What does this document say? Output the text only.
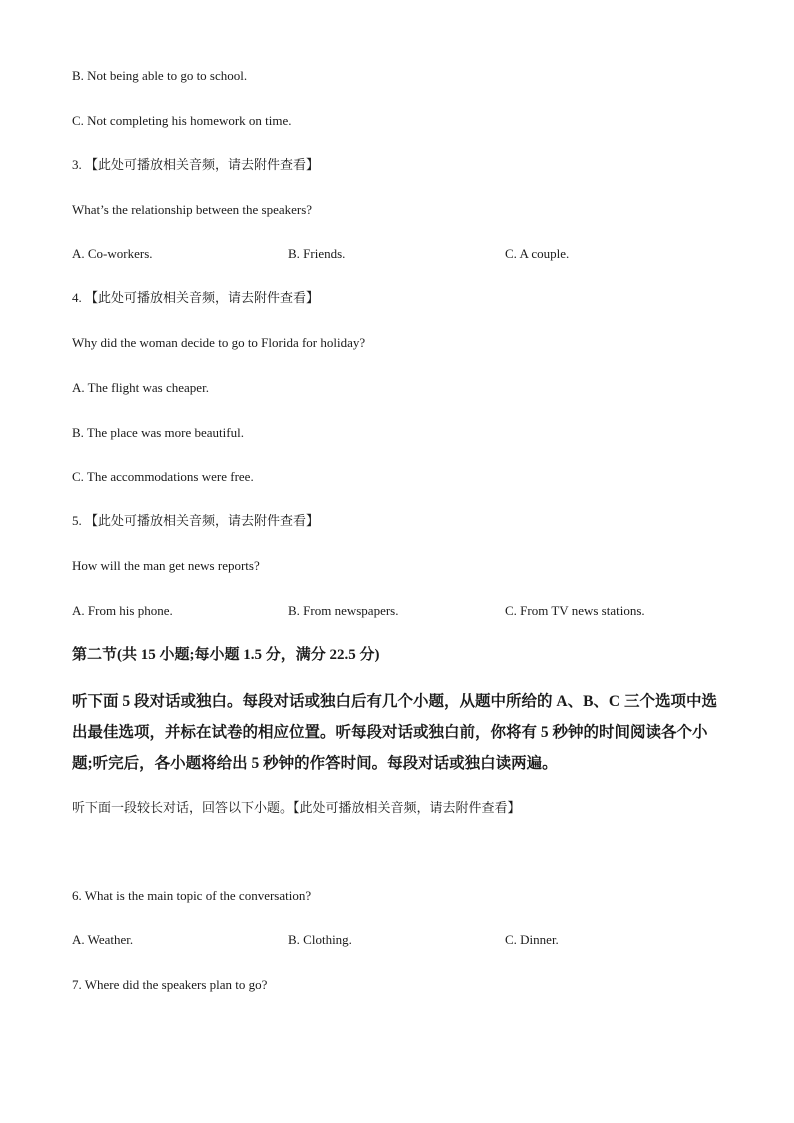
B. Not being able to go to school.
C. Not completing his homework on time.
3. 【此处可播放相关音频，请去附件查看】
What’s the relationship between the speakers?
A. Co-workers.	B. Friends.	C. A couple.
4. 【此处可播放相关音频，请去附件查看】
Why did the woman decide to go to Florida for holiday?
A. The flight was cheaper.
B. The place was more beautiful.
C. The accommodations were free.
5. 【此处可播放相关音频，请去附件查看】
How will the man get news reports?
A. From his phone.	B. From newspapers.	C. From TV news stations.
第二节(共 15 小题;每小题 1.5 分，满分 22.5 分)
听下面 5 段对话或独白。每段对话或独白后有几个小题，从题中所给的 A、B、C 三个选项中选出最佳选项，并标在试卷的相应位置。听每段对话或独白前，你将有 5 秒钟的时间阅读各个小题;听完后，各小题将给出 5 秒钟的作答时间。每段对话或独白读两遍。
听下面一段较长对话，回答以下小题。【此处可播放相关音频，请去附件查看】
6. What is the main topic of the conversation?
A. Weather.	B. Clothing.	C. Dinner.
7. Where did the speakers plan to go?
